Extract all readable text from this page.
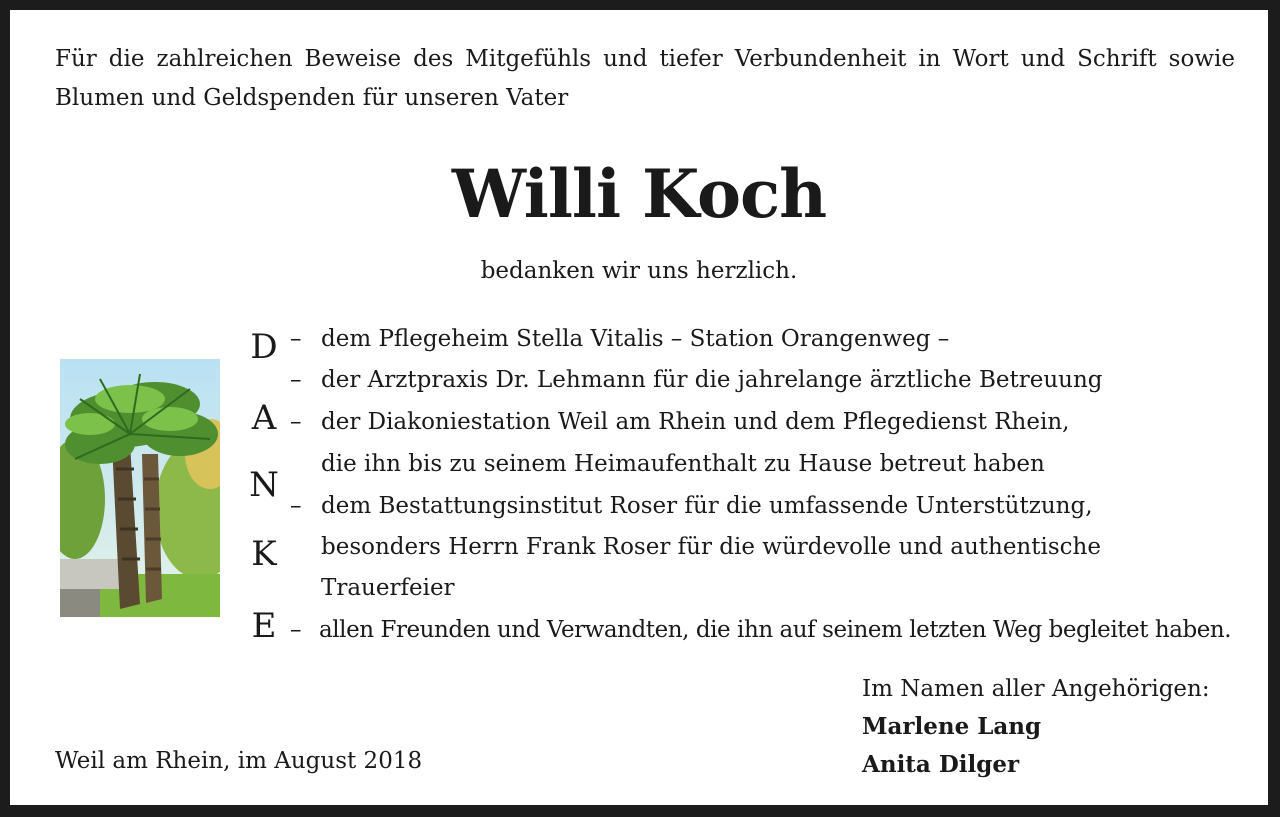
Für die zahlreichen Beweise des Mitgefühls und tiefer Verbundenheit in Wort und Schrift sowie Blumen und Geldspenden für unseren Vater

Willi Koch

bedanken wir uns herzlich.

D
A
N
K
E
–
–
–
–
–

dem Pflegeheim Stella Vitalis – Station Orangenweg –

der Arztpraxis Dr. Lehmann für die jahrelange ärztliche Betreuung

der Diakoniestation Weil am Rhein und dem Pflegedienst Rhein,

die ihn bis zu seinem Heimaufenthalt zu Hause betreut haben

dem Bestattungsinstitut Roser für die umfassende Unterstützung,

besonders Herrn Frank Roser für die würdevolle und authentische

Trauerfeier

allen Freunden und Verwandten, die ihn auf seinem letzten Weg begleitet haben.

Im Namen aller Angehörigen:
Marlene Lang
Anita Dilger
Weil am Rhein, im August 2018
